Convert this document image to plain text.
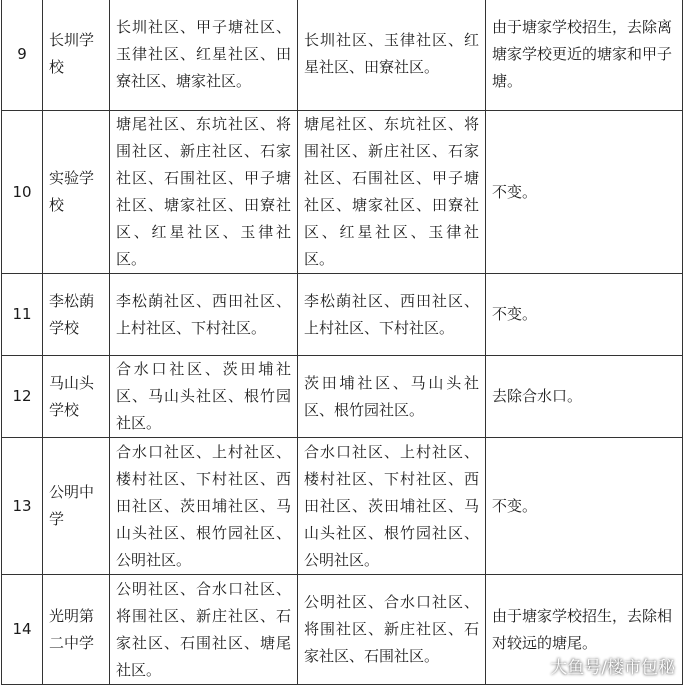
9	长圳学校	长圳社区、甲子塘社区、玉律社区、红星社区、田寮社区、塘家社区。	长圳社区、玉律社区、红星社区、田寮社区。	由于塘家学校招生，去除离塘家学校更近的塘家和甲子塘。
10	实验学校	塘尾社区、东坑社区、将围社区、新庄社区、石家社区、石围社区、甲子塘社区、塘家社区、田寮社区、红星社区、玉律社区。	塘尾社区、东坑社区、将围社区、新庄社区、石家社区、石围社区、甲子塘社区、塘家社区、田寮社区、红星社区、玉律社区。	不变。
11	李松蓢学校	李松蓢社区、西田社区、上村社区、下村社区。	李松蓢社区、西田社区、上村社区、下村社区。	不变。
12	马山头学校	合水口社区、茨田埔社区、马山头社区、根竹园社区。	茨田埔社区、马山头社区、根竹园社区。	去除合水口。
13	公明中学	合水口社区、上村社区、楼村社区、下村社区、西田社区、茨田埔社区、马山头社区、根竹园社区、公明社区。	合水口社区、上村社区、楼村社区、下村社区、西田社区、茨田埔社区、马山头社区、根竹园社区、公明社区。	不变。
14	光明第二中学	公明社区、合水口社区、将围社区、新庄社区、石家社区、石围社区、塘尾社区。	公明社区、合水口社区、将围社区、新庄社区、石家社区、石围社区。	由于塘家学校招生，去除相对较远的塘尾。
大鱼号/楼市包秘
